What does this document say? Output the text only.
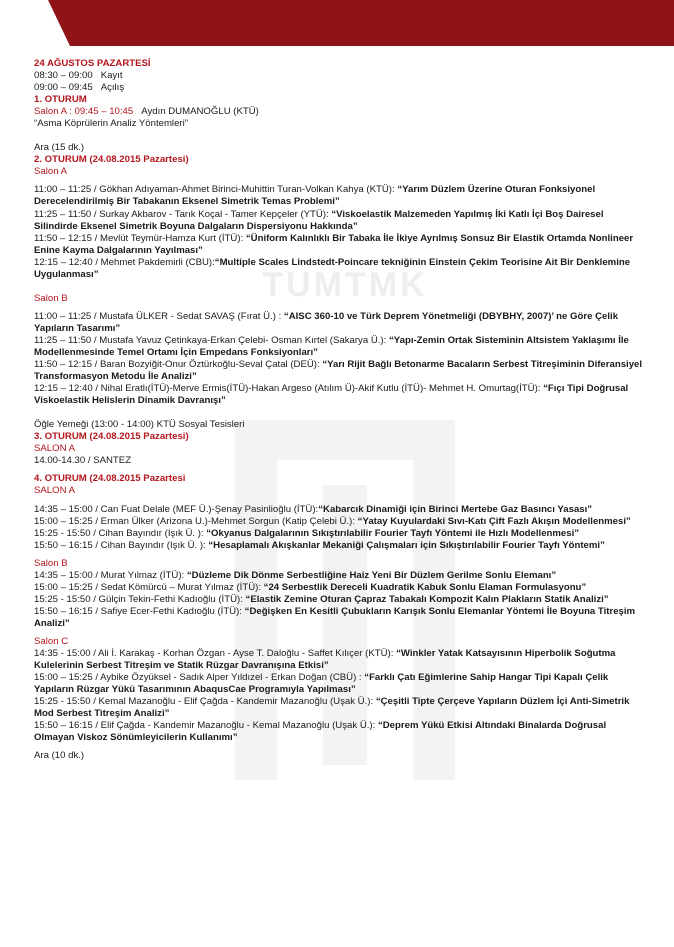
TUMTMK
24 AĞUSTOS PAZARTESİ
08:30 – 09:00 Kayıt
09:00 – 09:45 Açılış
1. OTURUM
Salon A : 09:45 – 10:45 Aydın DUMANOĞLU (KTÜ)
“Asma Köprülerin Analiz Yöntemleri”
Ara (15 dk.)
2. OTURUM (24.08.2015 Pazartesi)
Salon A
11:00 – 11:25 / Gökhan Adıyaman-Ahmet Birinci-Muhittin Turan-Volkan Kahya (KTÜ): “Yarım Düzlem Üzerine Oturan Fonksiyonel Derecelendirilmiş Bir Tabakanın Eksenel Simetrik Temas Problemi”
11:25 – 11:50 / Surkay Akbarov - Tarık Koçal - Tamer Kepçeler (YTÜ): “Viskoelastik Malzemeden Yapılmış İki Katlı İçi Boş Dairesel Silindirde Eksenel Simetrik Boyuna Dalgaların Dispersiyonu Hakkında”
11:50 – 12:15 / Mevlüt Teymür-Hamza Kurt (İTÜ): “Üniform Kalınlıklı Bir Tabaka İle İkiye Ayrılmış Sonsuz Bir Elastik Ortamda Nonlineer Enine Kayma Dalgalarının Yayılması”
12:15 – 12:40 / Mehmet Pakdemirli (CBU):“Multiple Scales Lindstedt-Poincare tekniğinin Einstein Çekim Teorisine Ait Bir Denklemine Uygulanması”
Salon B
11:00 – 11:25 / Mustafa ÜLKER - Sedat SAVAŞ (Fırat Ü.) : “AISC 360-10 ve Türk Deprem Yönetmeliği (DBYBHY, 2007)’ ne Göre Çelik Yapıların Tasarımı”
11:25 – 11:50 / Mustafa Yavuz Çetinkaya-Erkan Çelebi- Osman Kırtel (Sakarya Ü.): “Yapı-Zemin Ortak Sisteminin Altsistem Yaklaşımı İle Modellenmesinde Temel Ortamı İçin Empedans Fonksiyonları”
11:50 – 12:15 / Baran Bozyiğit-Onur Öztürkoğlu-Seval Çatal (DEÜ): “Yarı Rijit Bağlı Betonarme Bacaların Serbest Titreşiminin Diferansiyel Transformasyon Metodu İle Analizi”
12:15 – 12:40 / Nihal Eratlı(İTÜ)-Merve Ermis(İTÜ)-Hakan Argeso (Atılım Ü)-Akif Kutlu (İTÜ)- Mehmet H. Omurtag(İTÜ): “Fıçı Tipi Doğrusal Viskoelastik Helislerin Dinamik Davranışı”
Öğle Yemeği (13:00 - 14:00) KTÜ Sosyal Tesisleri
3. OTURUM (24.08.2015 Pazartesi)
SALON A
14.00-14.30 / SANTEZ
4. OTURUM (24.08.2015 Pazartesi
SALON A
14:35 – 15:00 / Can Fuat Delale (MEF Ü.)-Şenay Pasinlioğlu (İTÜ):“Kabarcık Dinamiği için Birinci Mertebe Gaz Basıncı Yasası”
15:00 – 15:25 / Erman Ülker (Arizona U.)-Mehmet Sorgun (Katip Çelebi Ü.): “Yatay Kuyulardaki Sıvı-Katı Çift Fazlı Akışın Modellenmesi”
15:25 - 15:50 / Cihan Bayındır (Işık Ü. ): “Okyanus Dalgalarının Sıkıştırılabilir Fourier Tayfı Yöntemi ile Hızlı Modellenmesi”
15:50 – 16:15 / Cihan Bayındır (Işık Ü. ): “Hesaplamalı Akışkanlar Mekaniği Çalışmaları için Sıkıştırılabilir Fourier Tayfı Yöntemi”
Salon B
14:35 – 15:00 / Murat Yılmaz (İTÜ): “Düzleme Dik Dönme Serbestliğine Haiz Yeni Bir Düzlem Gerilme Sonlu Elemanı”
15:00 – 15:25 / Sedat Kömürcü – Murat Yılmaz (İTÜ): “24 Serbestlik Dereceli Kuadratik Kabuk Sonlu Elaman Formulasyonu”
15:25 - 15:50 / Gülçin Tekin-Fethi Kadıoğlu (İTÜ): “Elastik Zemine Oturan Çapraz Tabakalı Kompozit Kalın Plakların Statik Analizi”
15:50 – 16:15 / Safiye Ecer-Fethi Kadıoğlu (İTÜ): “Değişken En Kesitli Çubukların Karışık Sonlu Elemanlar Yöntemi İle Boyuna Titreşim Analizi”
Salon C
14:35 - 15:00 / Ali İ. Karakaş - Korhan Özgan - Ayse T. Daloğlu - Saffet Kılıçer (KTÜ): “Winkler Yatak Katsayısının Hiperbolik Soğutma Kulelerinin Serbest Titreşim ve Statik Rüzgar Davranışına Etkisi”
15:00 – 15:25 / Aybike Özyüksel - Sadık Alper Yıldızel - Erkan Doğan (CBÜ) : “Farklı Çatı Eğimlerine Sahip Hangar Tipi Kapalı Çelik Yapıların Rüzgar Yükü Tasarımının AbaqusCae Programıyla Yapılması”
15:25 - 15:50 / Kemal Mazanoğlu - Elif Çağda - Kandemir Mazanoğlu (Uşak Ü.): “Çeşitli Tipte Çerçeve Yapıların Düzlem İçi Anti-Simetrik Mod Serbest Titreşim Analizi”
15:50 – 16:15 / Elif Çağda - Kandemir Mazanoğlu - Kemal Mazanoğlu (Uşak Ü.): “Deprem Yükü Etkisi Altındaki Binalarda Doğrusal Olmayan Viskoz Sönümleyicilerin Kullanımı”
Ara (10 dk.)
